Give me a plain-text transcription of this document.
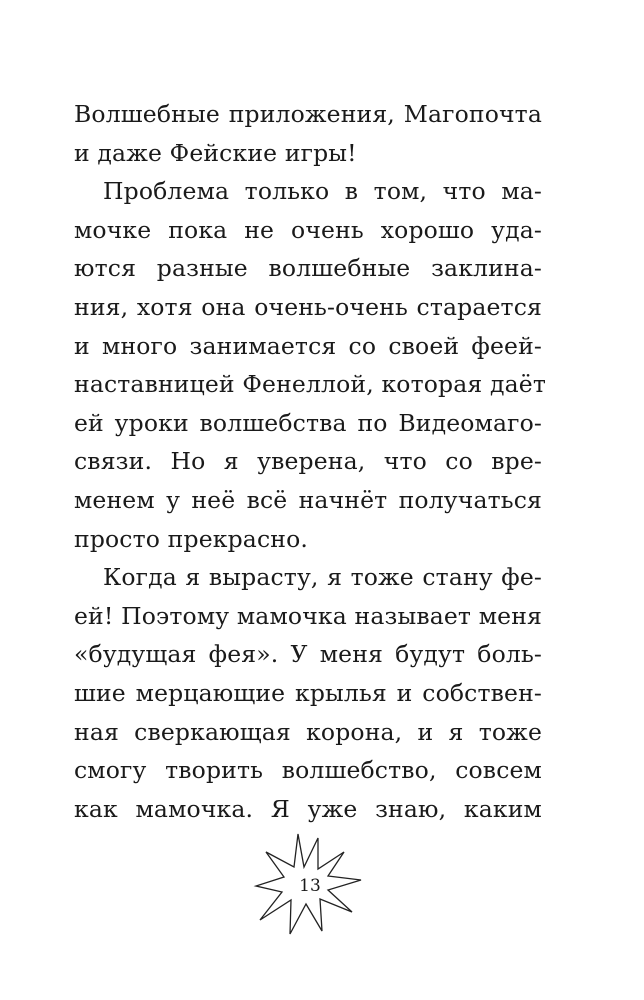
Волшебные приложения, Магопочта
и даже Фейские игры!
Проблема только в том, что ма-
мочке пока не очень хорошо уда-
ются разные волшебные заклина-
ния, хотя она очень-очень старается
и много занимается со своей феей-
наставницей Фенеллой, которая даёт
ей уроки волшебства по Видеомаго-
связи. Но я уверена, что со вре-
менем у неё всё начнёт получаться
просто прекрасно.
Когда я вырасту, я тоже стану фе-
ей! Поэтому мамочка называет меня
«будущая фея». У меня будут боль-
шие мерцающие крылья и собствен-
ная сверкающая корона, и я тоже
смогу творить волшебство, совсем
как мамочка. Я уже знаю, каким
13
